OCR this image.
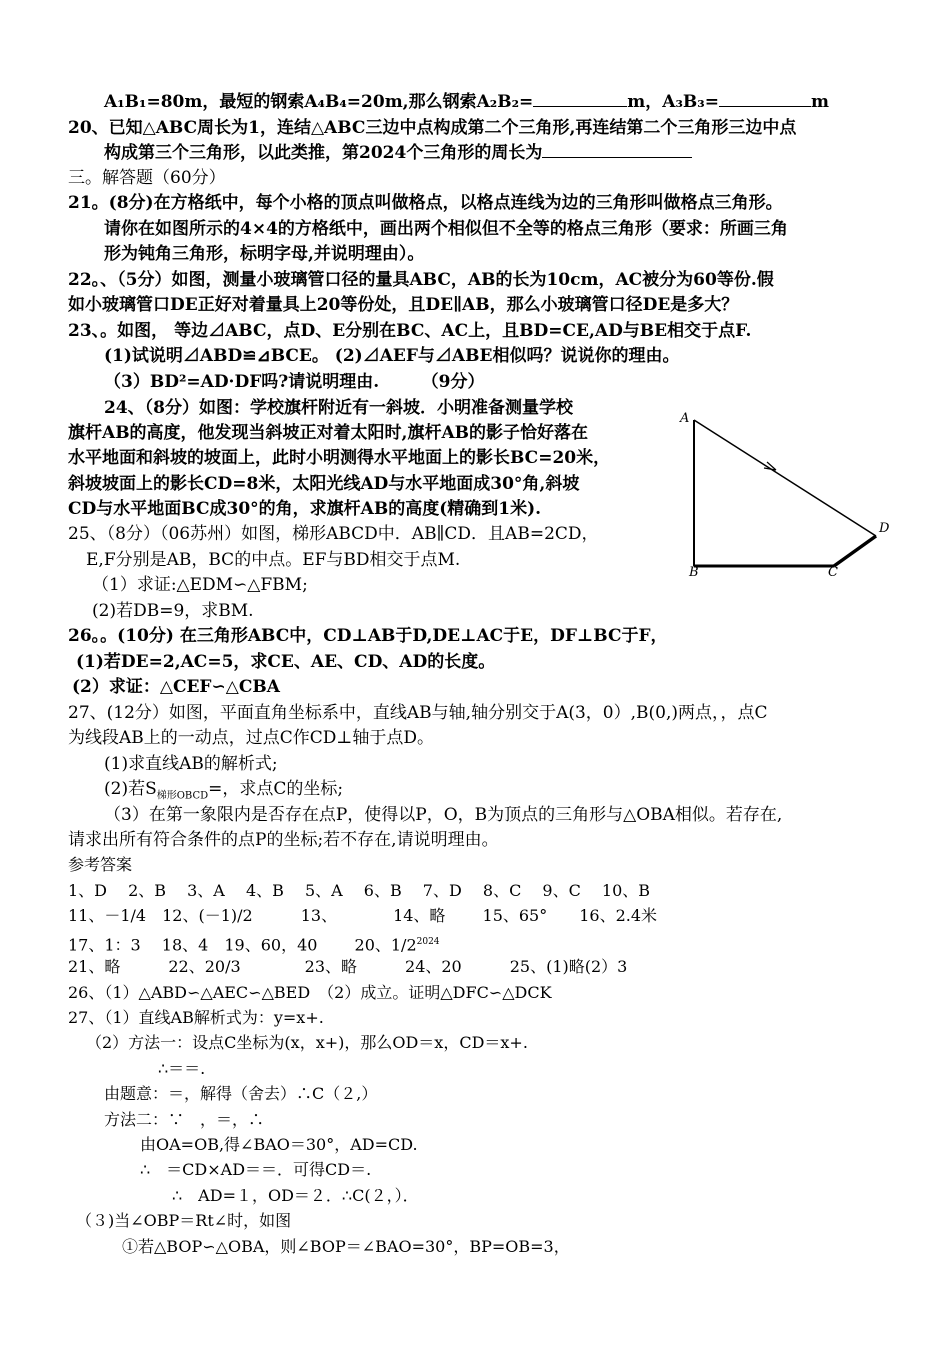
A₁B₁=80m，最短的钢索A₄B₄=20m,那么钢索A₂B₂=	m，A₃B₃=	m
20、已知△ABC周长为1，连结△ABC三边中点构成第二个三角形,再连结第二个三角形三边中点
构成第三个三角形，以此类推，第2024个三角形的周长为
三。解答题（60分）
21。(8分)在方格纸中，每个小格的顶点叫做格点，以格点连线为边的三角形叫做格点三角形。
请你在如图所示的4×4的方格纸中，画出两个相似但不全等的格点三角形（要求：所画三角
形为钝角三角形，标明字母,并说明理由）。
22。、（5分）如图，测量小玻璃管口径的量具ABC，AB的长为10cm，AC被分为60等份.假
如小玻璃管口DE正好对着量具上20等份处，且DE∥AB，那么小玻璃管口径DE是多大？
23、。如图， 等边⊿ABC，点D、E分别在BC、AC上，且BD=CE,AD与BE相交于点F.
(1)试说明⊿ABD≌⊿BCE。 (2)⊿AEF与⊿ABE相似吗？说说你的理由。
（3）BD²=AD·DF吗?请说明理由.　　　（9分）
24、（8分）如图：学校旗杆附近有一斜坡．小明准备测量学校
旗杆AB的高度，他发现当斜坡正对着太阳时,旗杆AB的影子恰好落在
水平地面和斜坡的坡面上，此时小明测得水平地面上的影长BC=20米，
斜坡坡面上的影长CD=8米，太阳光线AD与水平地面成30°角,斜坡
CD与水平地面BC成30°的角，求旗杆AB的高度(精确到1米).
A
B	C
D
25、（8分）（06苏州）如图，梯形ABCD中．AB∥CD．且AB=2CD，
E,F分别是AB，BC的中点。EF与BD相交于点M.
（1）求证:△EDM∽△FBM;
(2)若DB=9，求BM.
26。。(10分) 在三角形ABC中，CD⊥AB于D,DE⊥AC于E，DF⊥BC于F，
(1)若DE=2,AC=5，求CE、AE、CD、AD的长度。
(2）求证：△CEF∽△CBA
27、(12分）如图，平面直角坐标系中，直线AB与轴,轴分别交于A(3，0）,B(0,)两点，，点C
为线段AB上的一动点，过点C作CD⊥轴于点D。
(1)求直线AB的解析式;
(2)若$S_{梯形OBCD}=$，求点C的坐标;
（3）在第一象限内是否存在点P，使得以P，O，B为顶点的三角形与△OBA相似。若存在,
请求出所有符合条件的点P的坐标;若不存在,请说明理由。
参考答案
1、D　 2、B　 3、A　 4、B　 5、A　 6、B　 7、D　 8、C　 9、C　 10、B
11、－1/4　12、(－1)/2　　　13、　　　　14、略　　 15、65°　　16、2.4米
17、1：3　 18、4　19、60，40　　 20、$1/2^{2024}$
21、略　　　22、20/3　　　　23、略　　　24、20　　　25、(1)略(2）3
26、（1）△ABD∽△AEC∽△BED　（2）成立。证明△DFC∽△DCK
27、（1）直线AB解析式为：y=x+.
（2）方法一：设点C坐标为(x，x+)，那么OD＝x，CD＝x+.
∴＝＝.
由题意：＝，解得（舍去）∴C（２,）
方法二：∵　，＝，∴
由OA=OB,得∠BAO＝30°，AD=CD.
∴　＝CD×AD＝＝．可得CD＝.
∴　AD=１，OD＝２．∴C(２，）．
（３)当∠OBP＝Rt∠时，如图
①若△BOP∽△OBA，则∠BOP＝∠BAO=30°，BP=OB=3，
